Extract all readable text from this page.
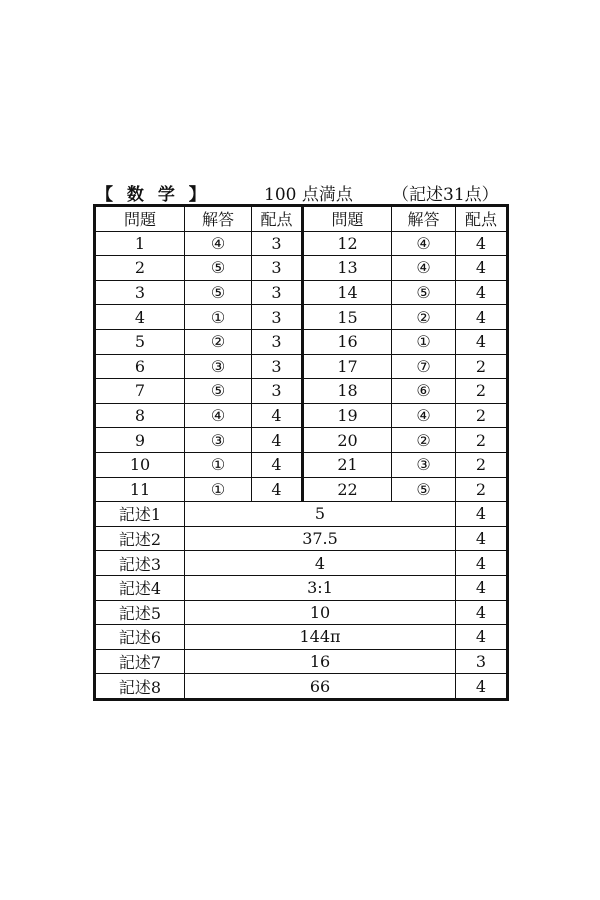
【 数 学 】	100 点満点 （記述31点）
問題	解答	配点	問題	解答	配点
1	④	3	12	④	4
2	⑤	3	13	④	4
3	⑤	3	14	⑤	4
4	①	3	15	②	4
5	②	3	16	①	4
6	③	3	17	⑦	2
7	⑤	3	18	⑥	2
8	④	4	19	④	2
9	③	4	20	②	2
10	①	4	21	③	2
11	①	4	22	⑤	2
記述1	5				4
記述2	37.5				4
記述3	4				4
記述4	3:1				4
記述5	10				4
記述6	144π				4
記述7	16				3
記述8	66				4
